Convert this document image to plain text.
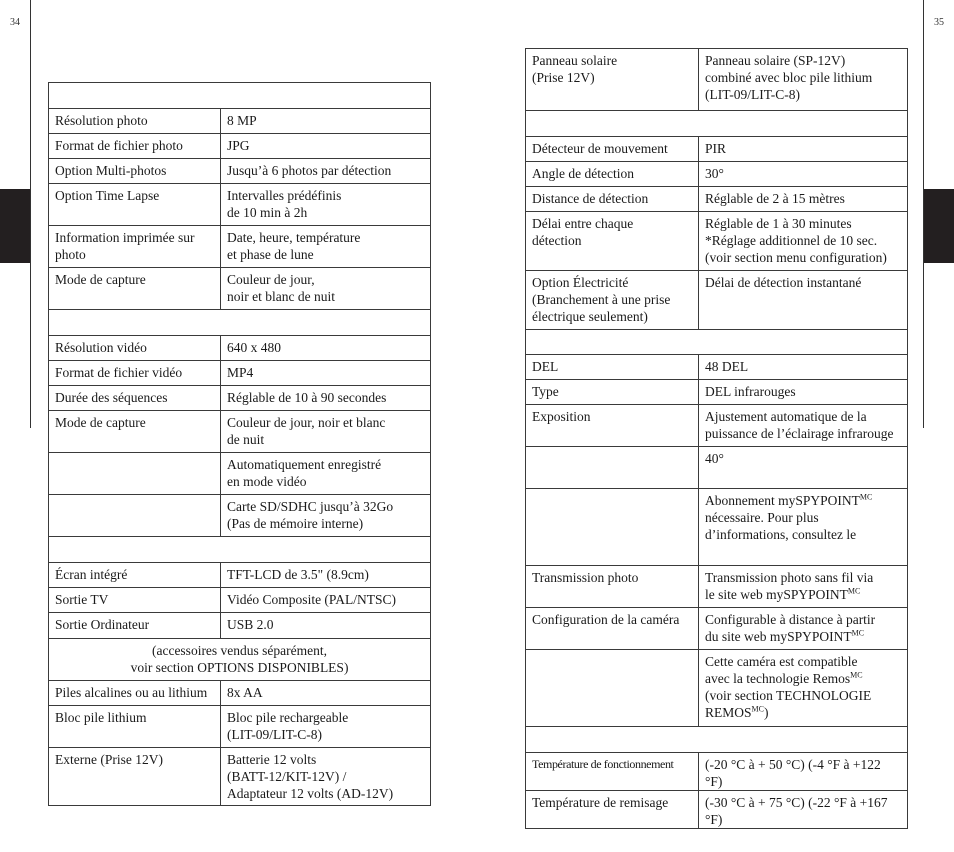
34	35

Résolution photo	8 MP
Format de fichier photo	JPG
Option Multi-photos	Jusqu’à 6 photos par détection
Option Time Lapse	Intervalles prédéfinis
de 10 min à 2h
Information imprimée sur
photo	Date, heure, température
et phase de lune
Mode de capture	Couleur de jour,
noir et blanc de nuit

Résolution vidéo	640 x 480
Format de fichier vidéo	MP4
Durée des séquences	Réglable de 10 à 90 secondes
Mode de capture	Couleur de jour, noir et blanc
de nuit
	Automatiquement enregistré
en mode vidéo
	Carte SD/SDHC jusqu’à 32Go
(Pas de mémoire interne)

Écran intégré	TFT-LCD de 3.5" (8.9cm)
Sortie TV	Vidéo Composite (PAL/NTSC)
Sortie Ordinateur	USB 2.0
(accessoires vendus séparément,
voir section OPTIONS DISPONIBLES)	
Piles alcalines ou au lithium	8x AA
Bloc pile lithium	Bloc pile rechargeable
(LIT-09/LIT-C-8)
Externe (Prise 12V)	Batterie 12 volts
(BATT-12/KIT-12V) /
Adaptateur 12 volts (AD-12V)
Panneau solaire
(Prise 12V)	Panneau solaire (SP-12V)
combiné avec bloc pile lithium
(LIT-09/LIT-C-8)

Détecteur de mouvement	PIR
Angle de détection	30°
Distance de détection	Réglable de 2 à 15 mètres
Délai entre chaque
détection	Réglable de 1 à 30 minutes
*Réglage additionnel de 10 sec.
(voir section menu configuration)
Option Électricité
(Branchement à une prise
électrique seulement)	Délai de détection instantané

DEL	48 DEL
Type	DEL infrarouges
Exposition	Ajustement automatique de la
puissance de l’éclairage infrarouge
	40°
	Abonnement mySPYPOINT$^{MC}$
nécessaire. Pour plus
d’informations, consultez le
Transmission photo	Transmission photo sans fil via
le site web mySPYPOINT$^{MC}$
Configuration de la caméra	Configurable à distance à partir
du site web mySPYPOINT$^{MC}$
	Cette caméra est compatible
avec la technologie Remos$^{MC}$
(voir section TECHNOLOGIE
$REMOS^{MC}$)

Température de fonctionnement	(-20 °C à + 50 °C) (-4 °F à +122 °F)
Température de remisage	(-30 °C à + 75 °C) (-22 °F à +167 °F)
